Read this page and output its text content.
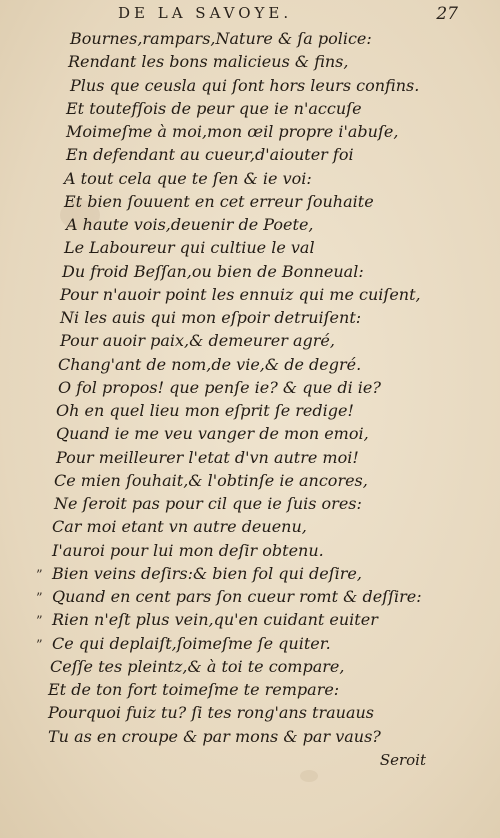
DE LA SAVOYE.	27
Bournes,rampars,Nature & ſa police:
Rendant les bons malicieus & fins,
Plus que ceusla qui ſont hors leurs confins.
Et toutefſois de peur que ie n'accuſe
Moimeſme à moi,mon œil propre i'abuſe,
En defendant au cueur,d'aiouter foi
A tout cela que te ſen & ie voi:
Et bien ſouuent en cet erreur ſouhaite
A haute vois,deuenir de Poete,
Le Laboureur qui cultiue le val
Du froid Beſſan,ou bien de Bonneual:
Pour n'auoir point les ennuiz qui me cuiſent,
Ni les auis qui mon eſpoir detruiſent:
Pour auoir paix,& demeurer agré,
Chang'ant de nom,de vie,& de degré.
O fol propos! que penſe ie? & que di ie?
Oh en quel lieu mon eſprit ſe redige!
Quand ie me veu vanger de mon emoi,
Pour meilleurer l'etat d'vn autre moi!
Ce mien ſouhait,& l'obtinſe ie ancores,
Ne ſeroit pas pour cil que ie ſuis ores:
Car moi etant vn autre deuenu,
I'auroi pour lui mon deſir obtenu.
” Bien veins deſirs:& bien fol qui deſire,
” Quand en cent pars ſon cueur romt & deſſire:
” Rien n'eſt plus vein,qu'en cuidant euiter
” Ce qui deplaiſt,ſoimeſme ſe quiter.
Ceſſe tes pleintz,& à toi te compare,
Et de ton fort toimeſme te rempare:
Pourquoi fuiz tu? ſi tes rong'ans trauaus
Tu as en croupe & par mons & par vaus?
Seroit
